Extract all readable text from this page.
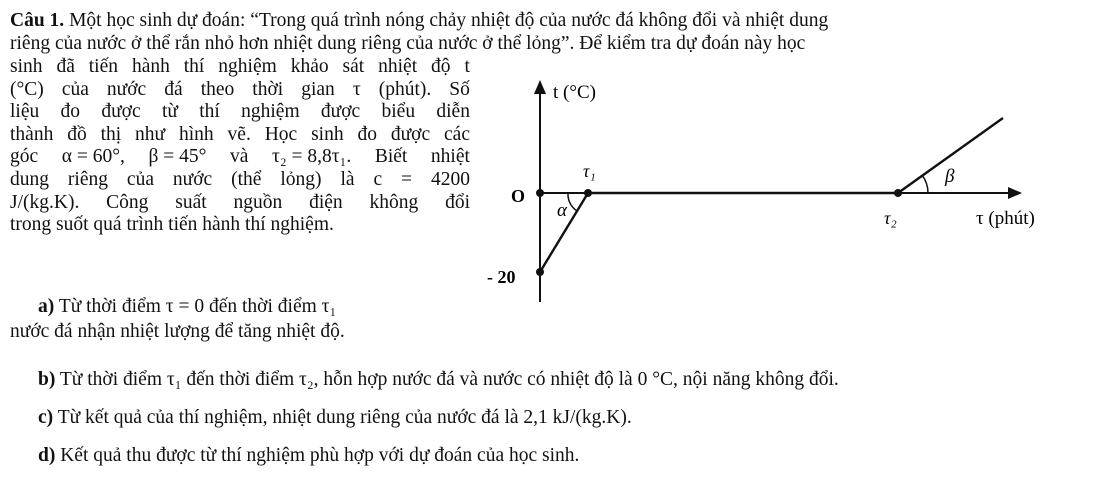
Câu 1. Một học sinh dự đoán: “Trong quá trình nóng chảy nhiệt độ của nước đá không đổi và nhiệt dung
riêng của nước ở thể rắn nhỏ hơn nhiệt dung riêng của nước ở thể lỏng”. Để kiểm tra dự đoán này học
sinh đã tiến hành thí nghiệm khảo sát nhiệt độ t
(°C) của nước đá theo thời gian τ (phút). Số
liệu đo được từ thí nghiệm được biểu diễn
thành đồ thị như hình vẽ. Học sinh đo được các
góc α = 60°, β = 45° và τ₂ = 8,8τ₁. Biết nhiệt
dung riêng của nước (thể lỏng) là c = 4200
J/(kg.K). Công suất nguồn điện không đổi
trong suốt quá trình tiến hành thí nghiệm.
a) Từ thời điểm τ = 0 đến thời điểm τ₁
nước đá nhận nhiệt lượng để tăng nhiệt độ.
b) Từ thời điểm τ₁ đến thời điểm τ₂, hỗn hợp nước đá và nước có nhiệt độ là 0 °C, nội năng không đổi.
c) Từ kết quả của thí nghiệm, nhiệt dung riêng của nước đá là 2,1 kJ/(kg.K).
d) Kết quả thu được từ thí nghiệm phù hợp với dự đoán của học sinh.
t (°C)
τ (phút)
O
- 20
τ₁
τ₂
α
β
